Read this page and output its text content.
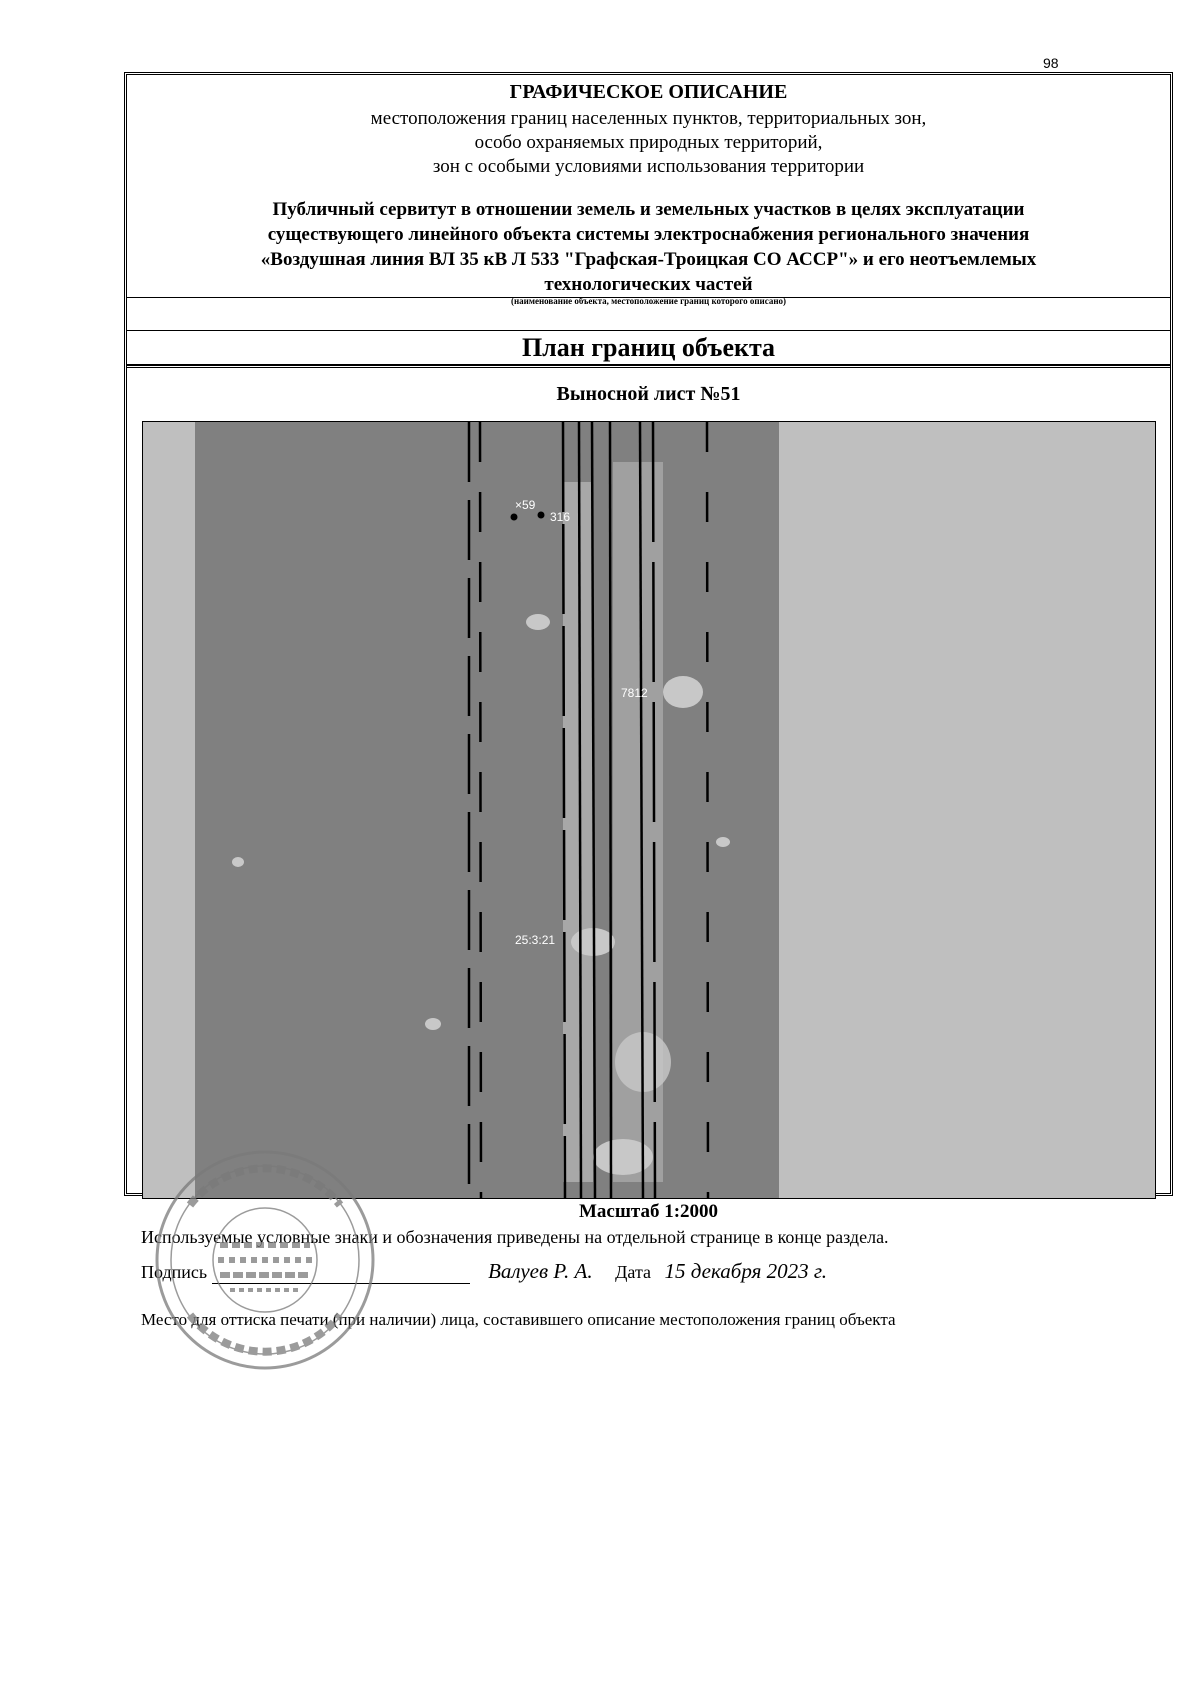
98
ГРАФИЧЕСКОЕ ОПИСАНИЕ
местоположения границ населенных пунктов, территориальных зон,
особо охраняемых природных территорий,
зон с особыми условиями использования территории
Публичный сервитут в отношении земель и земельных участков в целях эксплуатации
существующего линейного объекта системы электроснабжения регионального значения
«Воздушная линия ВЛ 35 кВ Л 533 "Графская-Троицкая СО АССР"» и его неотъемлемых
технологических частей
(наименование объекта, местоположение границ которого описано)
План границ объекта
Выносной лист №51
×59
316
7812
25:3:21
Масштаб 1:2000
Используемые условные знаки и обозначения приведены на отдельной странице в конце раздела.
Подпись	Валуев Р. А. Дата 15 декабря 2023 г.
Место для оттиска печати (при наличии) лица, составившего описание местоположения границ объекта
